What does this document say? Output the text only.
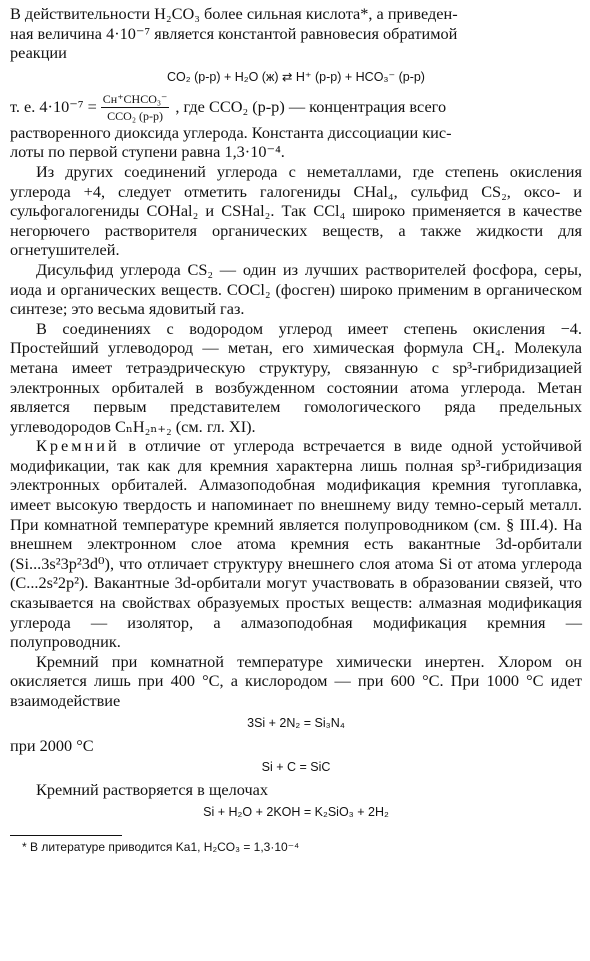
В действительности H₂CO₃ более сильная кислота*, а приведен-
ная величина 4·10⁻⁷ является константой равновесия обратимой
реакции

CO₂ (р-р) + H₂O (ж) ⇄ H⁺ (р-р) + HCO₃⁻ (р-р)
т. е. $4\cdot 10^{-7} = \frac{\text{Cн⁺CHCO₃⁻}}{\text{CCO₂ (р-р)}}$ , где CCO₂ (р-р) — концентрация всего

растворенного диоксида углерода. Константа диссоциации кис-
лоты по первой ступени равна 1,3·10⁻⁴.

Из других соединений углерода с неметаллами, где степень окисления углерода +4, следует отметить галогениды CHal₄, сульфид CS₂, оксо- и сульфогалогениды COHal₂ и CSHal₂. Так CCl₄ широко применяется в качестве негорючего растворителя органических веществ, а также жидкости для огнетушителей.

Дисульфид углерода CS₂ — один из лучших растворителей фосфора, серы, иода и органических веществ. COCl₂ (фосген) широко применим в органическом синтезе; это весьма ядовитый газ.

В соединениях с водородом углерод имеет степень окисления −4. Простейший углеводород — метан, его химическая формула CH₄. Молекула метана имеет тетраэдрическую структуру, связанную с sp³-гибридизацией электронных орбиталей в возбужденном состоянии атома углерода. Метан является первым представителем гомологического ряда предельных углеводородов CₙH₂ₙ₊₂ (см. гл. XI).

Кремний в отличие от углерода встречается в виде одной устойчивой модификации, так как для кремния характерна лишь полная sp³-гибридизация электронных орбиталей. Алмазоподобная модификация кремния тугоплавка, имеет высокую твердость и напоминает по внешнему виду темно-серый металл. При комнатной температуре кремний является полупроводником (см. § III.4). На внешнем электронном слое атома кремния есть вакантные 3d-орбитали (Si...3s²3p²3d⁰), что отличает структуру внешнего слоя атома Si от атома углерода (C...2s²2p²). Вакантные 3d-орбитали могут участвовать в образовании связей, что сказывается на свойствах образуемых простых веществ: алмазная модификация углерода — изолятор, а алмазоподобная модификация кремния — полупроводник.

Кремний при комнатной температуре химически инертен. Хлором он окисляется лишь при 400 °C, а кислородом — при 600 °C. При 1000 °C идет взаимодействие

3Si + 2N₂ = Si₃N₄

при 2000 °C

Si + C = SiC

Кремний растворяется в щелочах

Si + H₂O + 2KOH = K₂SiO₃ + 2H₂
* В литературе приводится Kа1, H₂CO₃ = 1,3·10⁻⁴
